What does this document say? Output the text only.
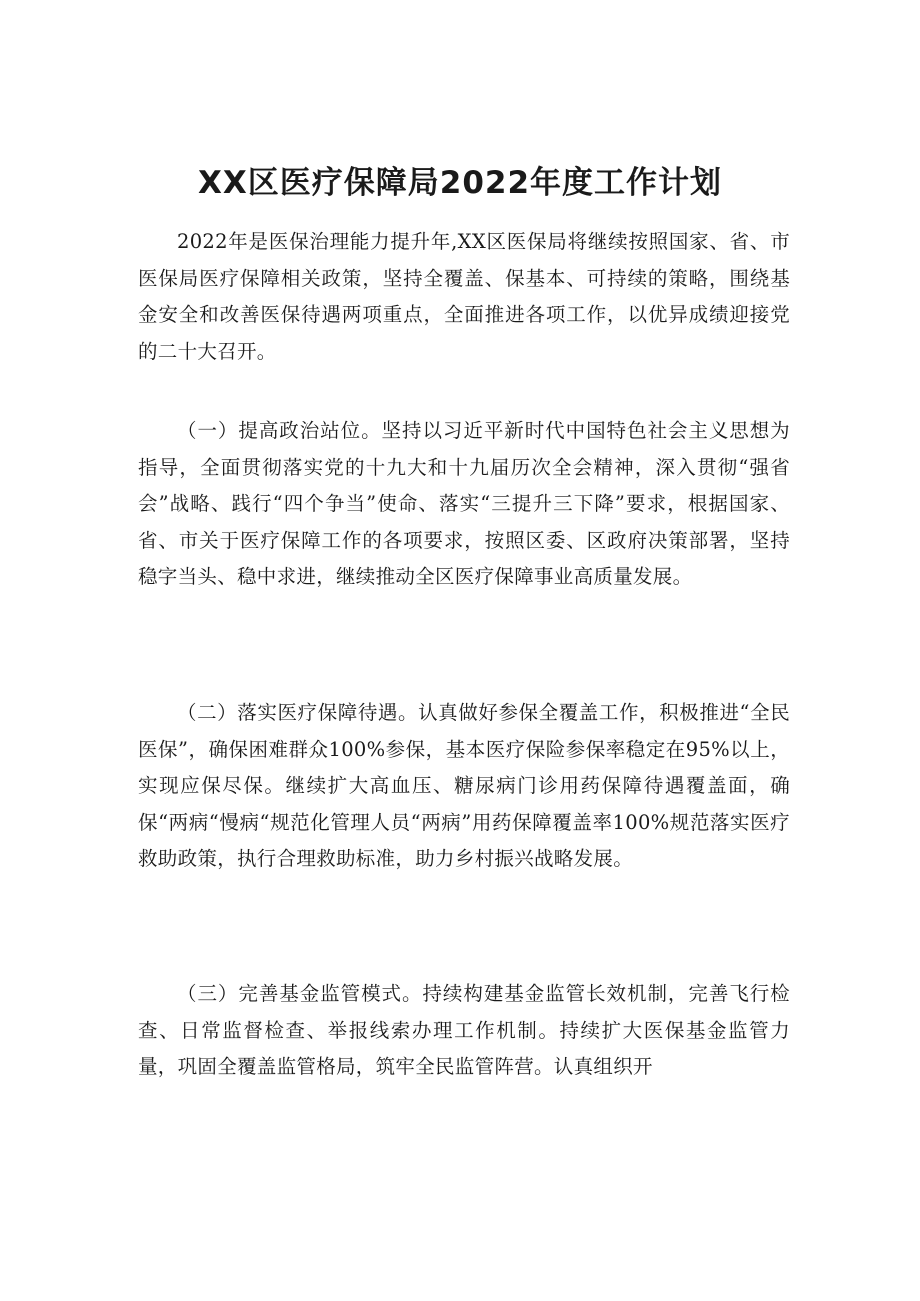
XX区医疗保障局2022年度工作计划

2022年是医保治理能力提升年,XX区医保局将继续按照国家、省、市医保局医疗保障相关政策，坚持全覆盖、保基本、可持续的策略，围绕基金安全和改善医保待遇两项重点，全面推进各项工作，以优异成绩迎接党的二十大召开。

（一）提高政治站位。坚持以习近平新时代中国特色社会主义思想为指导，全面贯彻落实党的十九大和十九届历次全会精神，深入贯彻“强省会”战略、践行“四个争当”使命、落实“三提升三下降”要求，根据国家、省、市关于医疗保障工作的各项要求，按照区委、区政府决策部署，坚持稳字当头、稳中求进，继续推动全区医疗保障事业高质量发展。

（二）落实医疗保障待遇。认真做好参保全覆盖工作，积极推进“全民医保”，确保困难群众100%参保，基本医疗保险参保率稳定在95%以上，实现应保尽保。继续扩大高血压、糖尿病门诊用药保障待遇覆盖面，确保“两病“慢病“规范化管理人员“两病”用药保障覆盖率100%规范落实医疗救助政策，执行合理救助标准，助力乡村振兴战略发展。

（三）完善基金监管模式。持续构建基金监管长效机制，完善飞行检查、日常监督检查、举报线索办理工作机制。持续扩大医保基金监管力量，巩固全覆盖监管格局，筑牢全民监管阵营。认真组织开
